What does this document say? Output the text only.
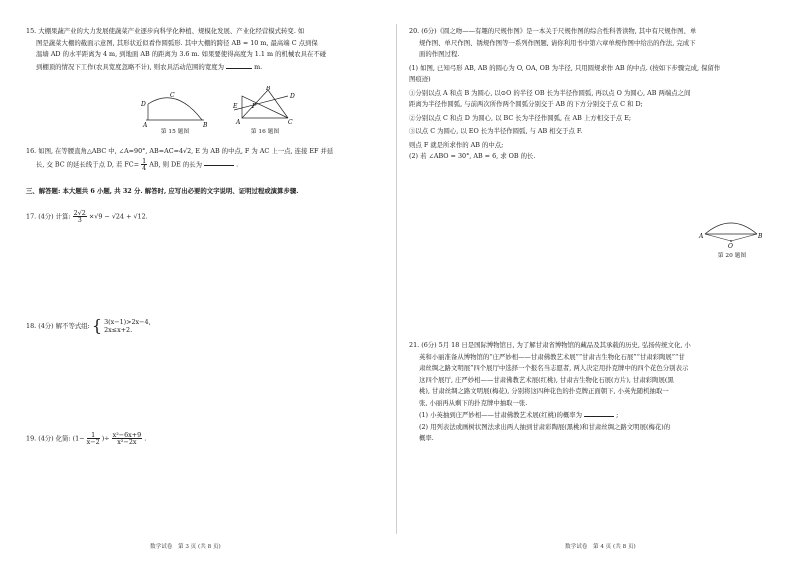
15. 大棚果蔬产业的大力发展使蔬菜产业逐步向科学化种植、规模化发展、产业化经营模式转变. 如

图是蔬菜大棚的截面示意图, 其形状近似看作圆弧形. 其中大棚的跨径 AB = 10 m, 最高端 C 点到保

温墙 AD 的水平距离为 4 m, 到地面 AB 的距离为 3.6 m. 如果要使得高度为 1.1 m 的机械农具在不碰

到棚顶的情况下工作(农具宽度忽略不计), 则农具活动范围的宽度为	m.

C
D
A	B
第 15 题图
B
E F
A	C
D
第 16 题图

16. 如图, 在等腰直角△ABC 中, ∠A=90°, AB=AC=4√2, E 为 AB 的中点, F 为 AC 上一点, 连接 EF 并延

长, 交 BC 的延长线于点 D, 若 $FC= \frac{1}{4}$ AB, 则 DE 的长为	.

三、解答题: 本大题共 6 小题, 共 32 分. 解答时, 应写出必要的文字说明、证明过程或演算步骤.

17. (4分) 计算: $\frac{2√2}{3} \times√9 - √24 + √12$.

18. (4分) 解不等式组: { 3(x−1)>2x−4,
2x≤x+2.

19. (4分) 化简: ($1- \frac{1}{x-2}$ )÷ $\frac{\text{x²−6x+9}}{\text{x²−2x}}$ .

数学试卷　第 3 页 (共 8 页)

20. (6分)《圆之吻——有趣的尺规作图》是一本关于尺规作图的综合性科普读物, 其中有尺规作图、单

规作图、单尺作图、锈规作图等一系列作图题, 请你利用书中第六章单规作图中给出的作法, 完成下

面的作图过程.

(1) 如图, 已知弓形 AB, AB 的圆心为 O, OA, OB 为半径, 只用圆规求作 AB 的中点. (按如下步骤完成, 保留作

图痕迹)

①分别以点 A 和点 B 为圆心, 以⊙O 的半径 OB 长为半径作圆弧, 再以点 O 为圆心, AB 两端点之间

距离为半径作圆弧, 与前两次所作两个圆弧分别交于 AB 的下方分别交于点 C 和 D;

②分别以点 C 和点 D 为圆心, 以 BC 长为半径作圆弧, 在 AB 上方相交于点 E;

③以点 C 为圆心, 以 EO 长为半径作圆弧, 与 AB 相交于点 F.

则点 F 就是所求作的 AB 的中点;

(2) 若 ∠ABO = 30°, AB = 6, 求 OB 的长.

A
O
B
第 20 题图

21. (6分) 5月 18 日是国际博物馆日, 为了解甘肃省博物馆的藏品及其承载的历史, 弘扬传统文化, 小

英和小丽准备从博物馆的“庄严妙相——甘肃佛教艺术展”“甘肃古生物化石展”“甘肃彩陶展”“甘

肃丝绸之路文明展”四个展厅中选择一个报名当志愿者, 两人决定用扑克牌中的四个花色分别表示

这四个展厅, 庄严妙相——甘肃佛教艺术展(红桃), 甘肃古生物化石展(方片), 甘肃彩陶展(黑

桃), 甘肃丝绸之路文明展(梅花), 分别将这四种花色的扑克牌正面朝下, 小英先随机抽取一

张, 小丽再从剩下的扑克牌中抽取一张.

(1) 小英抽到庄严妙相——甘肃佛教艺术展(红桃)的概率为	;

(2) 用列表法或画树状图法求出两人抽到甘肃彩陶展(黑桃)和甘肃丝绸之路文明展(梅花)的

概率.

数学试卷　第 4 页 (共 8 页)
